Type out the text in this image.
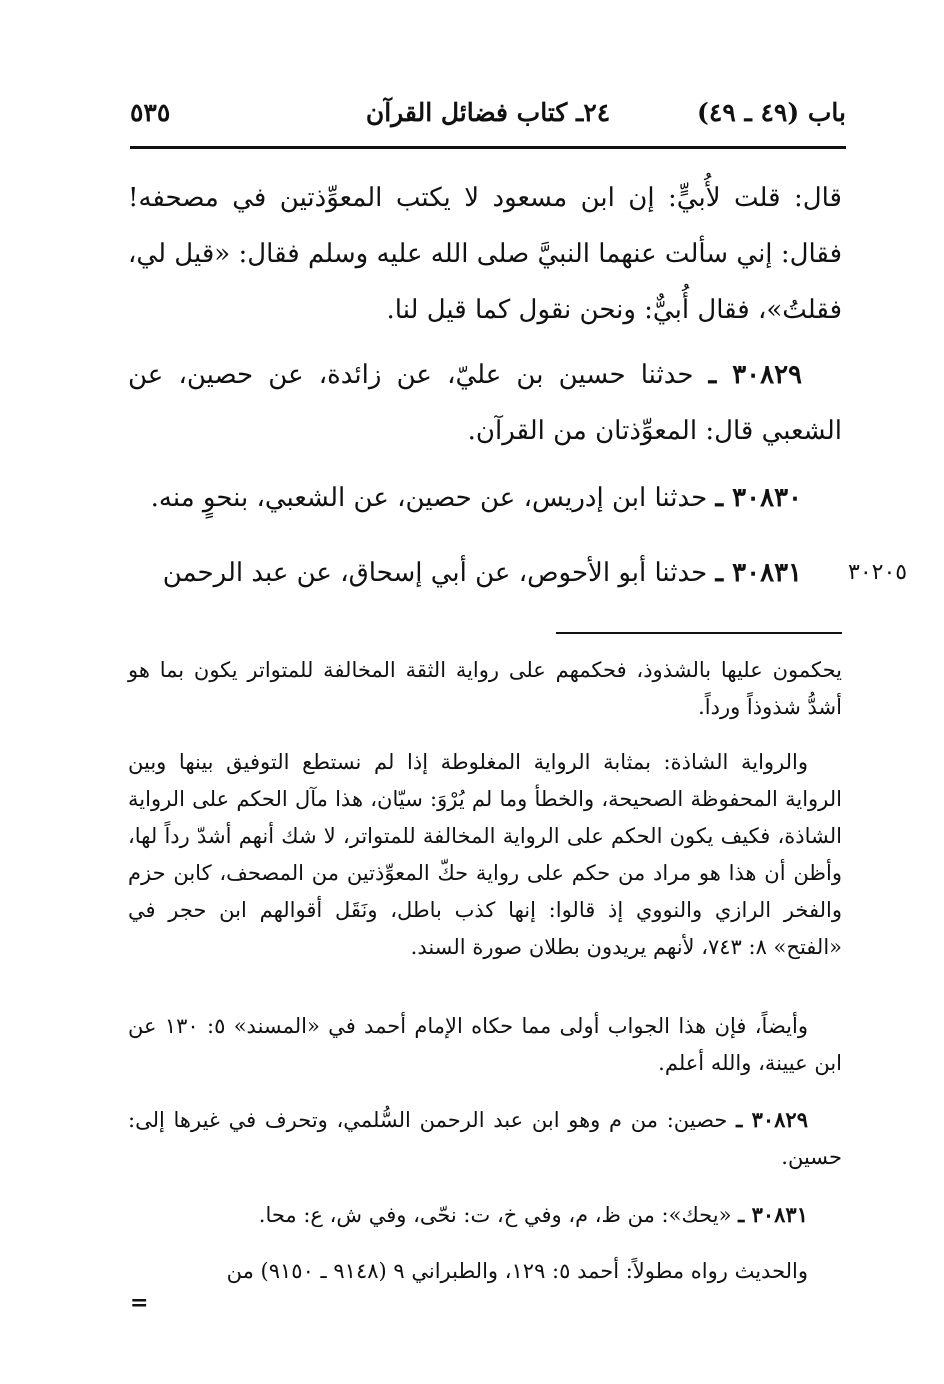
باب (٤٩ ـ ٤٩)
٢٤ـ كتاب فضائل القرآن
٥٣٥

قال: قلت لأُبيٍّ: إن ابن مسعود لا يكتب المعوِّذتين في مصحفه! فقال: إني سألت عنهما النبيَّ صلى الله عليه وسلم فقال: «قيل لي، فقلتُ»، فقال أُبيٌّ: ونحن نقول كما قيل لنا.

٣٠٨٢٩ ـ حدثنا حسين بن عليّ، عن زائدة، عن حصين، عن الشعبي قال: المعوِّذتان من القرآن.

٣٠٨٣٠ ـ حدثنا ابن إدريس، عن حصين، عن الشعبي، بنحوٍ منه.

٣٠٨٣١ ـ حدثنا أبو الأحوص، عن أبي إسحاق، عن عبد الرحمن	٣٠٢٠٥

يحكمون عليها بالشذوذ، فحكمهم على رواية الثقة المخالفة للمتواتر يكون بما هو أشدُّ شذوذاً ورداً.

والرواية الشاذة: بمثابة الرواية المغلوطة إذا لم نستطع التوفيق بينها وبين الرواية المحفوظة الصحيحة، والخطأ وما لم يُرْوَ: سيّان، هذا مآل الحكم على الرواية الشاذة، فكيف يكون الحكم على الرواية المخالفة للمتواتر، لا شك أنهم أشدّ رداً لها، وأظن أن هذا هو مراد من حكم على رواية حكّ المعوِّذتين من المصحف، كابن حزم والفخر الرازي والنووي إذ قالوا: إنها كذب باطل، ونَقَل أقوالهم ابن حجر في «الفتح» ٨: ٧٤٣، لأنهم يريدون بطلان صورة السند.

وأيضاً، فإن هذا الجواب أولى مما حكاه الإمام أحمد في «المسند» ٥: ١٣٠ عن ابن عيينة، والله أعلم.

٣٠٨٢٩ ـ حصين: من م وهو ابن عبد الرحمن السُّلمي، وتحرف في غيرها إلى: حسين.

٣٠٨٣١ ـ «يحك»: من ظ، م، وفي خ، ت: نحّى، وفي ش، ع: محا.

والحديث رواه مطولاً: أحمد ٥: ١٢٩، والطبراني ٩ (٩١٤٨ ـ ٩١٥٠) من

=
